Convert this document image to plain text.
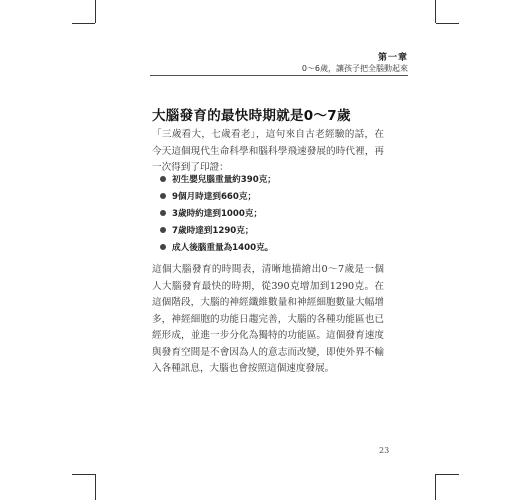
第一章
0～6歲，讓孩子把全腦動起來
大腦發育的最快時期就是0～7歲

「三歲看大，七歲看老」，這句來自古老經驗的話，在今天這個現代生命科學和腦科學飛速發展的時代裡，再一次得到了印證：

初生嬰兒腦重量約390克；
9個月時達到660克；
3歲時約達到1000克；
7歲時達到1290克；
成人後腦重量為1400克。

這個大腦發育的時間表，清晰地描繪出0～7歲是一個人大腦發育最快的時期，從390克增加到1290克。在這個階段，大腦的神經纖維數量和神經細胞數量大幅增多，神經細胞的功能日趨完善，大腦的各種功能區也已經形成，並進一步分化為獨特的功能區。這個發育速度與發育空間是不會因為人的意志而改變，即使外界不輸入各種訊息，大腦也會按照這個速度發展。

23
